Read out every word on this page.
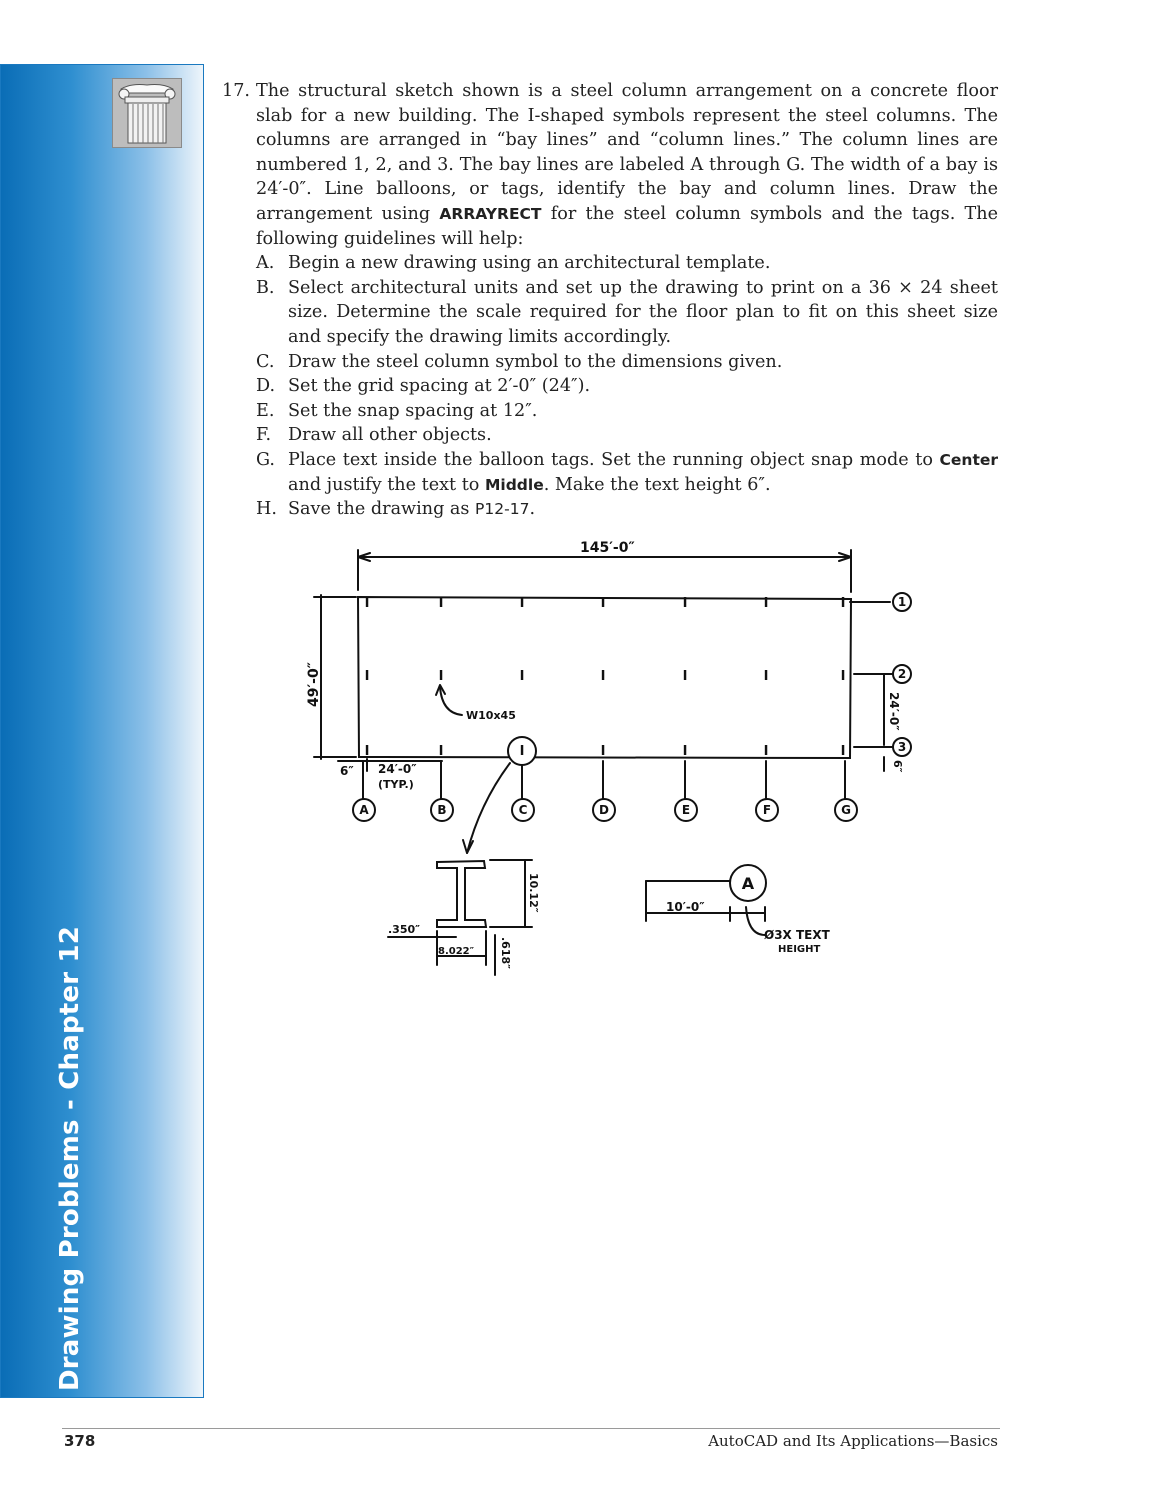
Drawing Problems - Chapter 12
17. The structural sketch shown is a steel column arrangement on a concrete floor slab for a new building. The I-shaped symbols represent the steel columns. The columns are arranged in “bay lines” and “column lines.” The column lines are numbered 1, 2, and 3. The bay lines are labeled A through G. The width of a bay is 24′-0″. Line balloons, or tags, identify the bay and column lines. Draw the arrangement using ARRAYRECT for the steel column symbols and the tags. The following guidelines will help:
A. Begin a new drawing using an architectural template.
B. Select architectural units and set up the drawing to print on a 36 × 24 sheet size. Determine the scale required for the floor plan to fit on this sheet size and specify the drawing limits accordingly.
C. Draw the steel column symbol to the dimensions given.
D. Set the grid spacing at 2′-0″ (24″).
E. Set the snap spacing at 12″.
F. Draw all other objects.
G. Place text inside the balloon tags. Set the running object snap mode to Center and justify the text to Middle. Make the text height 6″.
H. Save the drawing as P12-17.
I	I	I	I	I	I	I
I	I	I	I	I	I	I
I	I	I	I	I	I	I
1
2
3
A	B	C	D	E	F	G
A
145′-0″
49′-0″
24′-0″
6″
6″ 24′-0″
(TYP.)
W10x45
10.12″
.350″
8.022″ .618″
10′-0″
Ø3X TEXT
HEIGHT
378	AutoCAD and Its Applications—Basics
